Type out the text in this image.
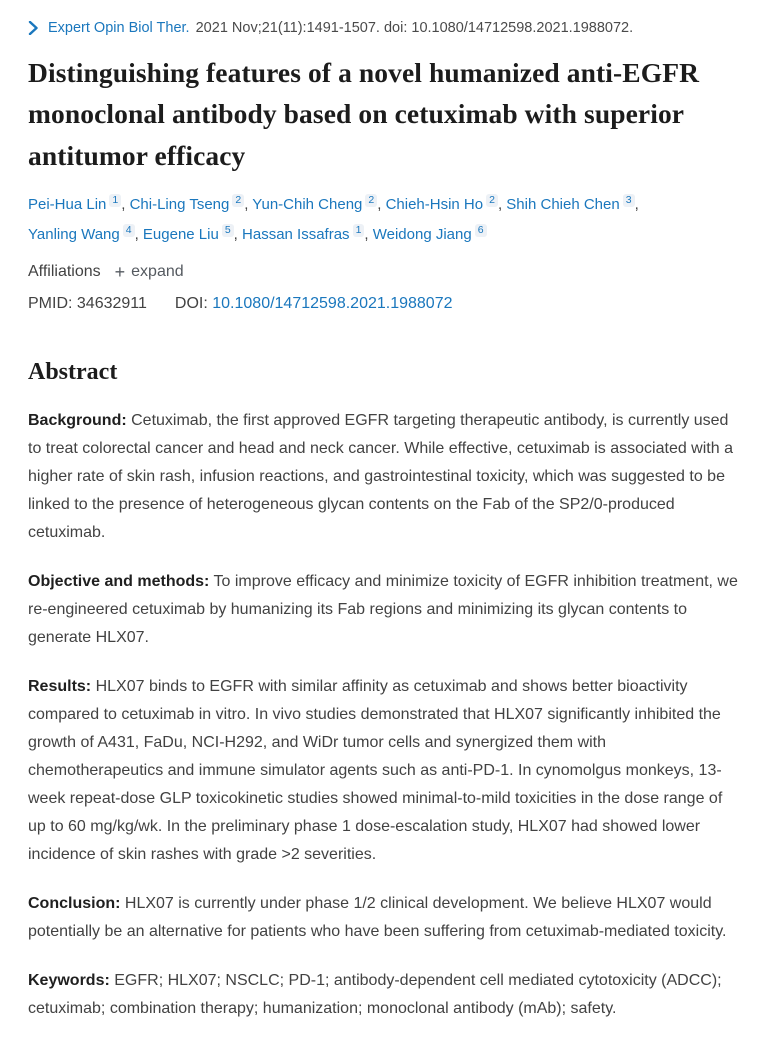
Expert Opin Biol Ther. 2021 Nov;21(11):1491-1507. doi: 10.1080/14712598.2021.1988072.
Distinguishing features of a novel humanized anti-EGFR monoclonal antibody based on cetuximab with superior antitumor efficacy
Pei-Hua Lin 1 , Chi-Ling Tseng 2 , Yun-Chih Cheng 2 , Chieh-Hsin Ho 2 , Shih Chieh Chen 3 , Yanling Wang 4 , Eugene Liu 5 , Hassan Issafras 1 , Weidong Jiang 6
Affiliations + expand
PMID: 34632911 DOI: 10.1080/14712598.2021.1988072
Abstract

Background: Cetuximab, the first approved EGFR targeting therapeutic antibody, is currently used to treat colorectal cancer and head and neck cancer. While effective, cetuximab is associated with a higher rate of skin rash, infusion reactions, and gastrointestinal toxicity, which was suggested to be linked to the presence of heterogeneous glycan contents on the Fab of the SP2/0-produced cetuximab.

Objective and methods: To improve efficacy and minimize toxicity of EGFR inhibition treatment, we re-engineered cetuximab by humanizing its Fab regions and minimizing its glycan contents to generate HLX07.

Results: HLX07 binds to EGFR with similar affinity as cetuximab and shows better bioactivity compared to cetuximab in vitro. In vivo studies demonstrated that HLX07 significantly inhibited the growth of A431, FaDu, NCI-H292, and WiDr tumor cells and synergized them with chemotherapeutics and immune simulator agents such as anti-PD-1. In cynomolgus monkeys, 13-week repeat-dose GLP toxicokinetic studies showed minimal-to-mild toxicities in the dose range of up to 60 mg/kg/wk. In the preliminary phase 1 dose-escalation study, HLX07 had showed lower incidence of skin rashes with grade >2 severities.

Conclusion: HLX07 is currently under phase 1/2 clinical development. We believe HLX07 would potentially be an alternative for patients who have been suffering from cetuximab-mediated toxicity.

Keywords: EGFR; HLX07; NSCLC; PD-1; antibody-dependent cell mediated cytotoxicity (ADCC); cetuximab; combination therapy; humanization; monoclonal antibody (mAb); safety.
